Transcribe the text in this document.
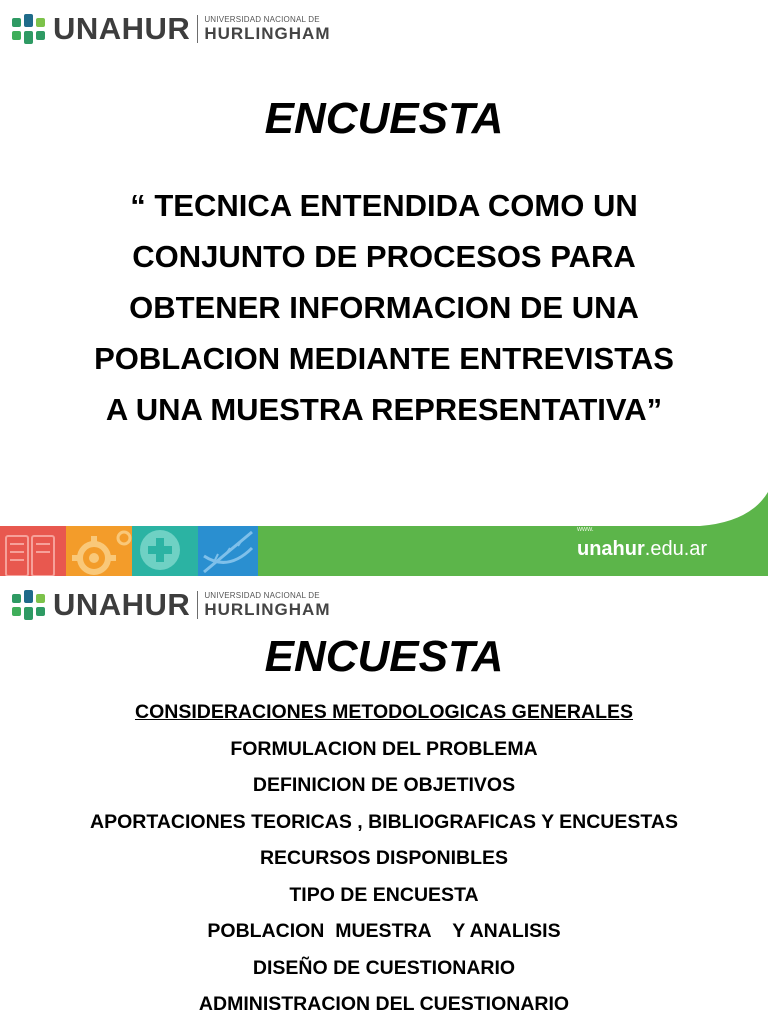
UNAHUR UNIVERSIDAD NACIONAL DE
HURLINGHAM
ENCUESTA
“ TECNICA ENTENDIDA COMO UN
CONJUNTO DE PROCESOS PARA
OBTENER INFORMACION DE UNA
POBLACION MEDIANTE ENTREVISTAS
A UNA MUESTRA REPRESENTATIVA”
www.
unahur.edu.ar
UNAHUR UNIVERSIDAD NACIONAL DE
HURLINGHAM
ENCUESTA
CONSIDERACIONES METODOLOGICAS GENERALES
FORMULACION DEL PROBLEMA
DEFINICION DE OBJETIVOS
APORTACIONES TEORICAS , BIBLIOGRAFICAS Y ENCUESTAS
RECURSOS DISPONIBLES
TIPO DE ENCUESTA
POBLACION  MUESTRA    Y ANALISIS
DISEÑO DE CUESTIONARIO
ADMINISTRACION DEL CUESTIONARIO
